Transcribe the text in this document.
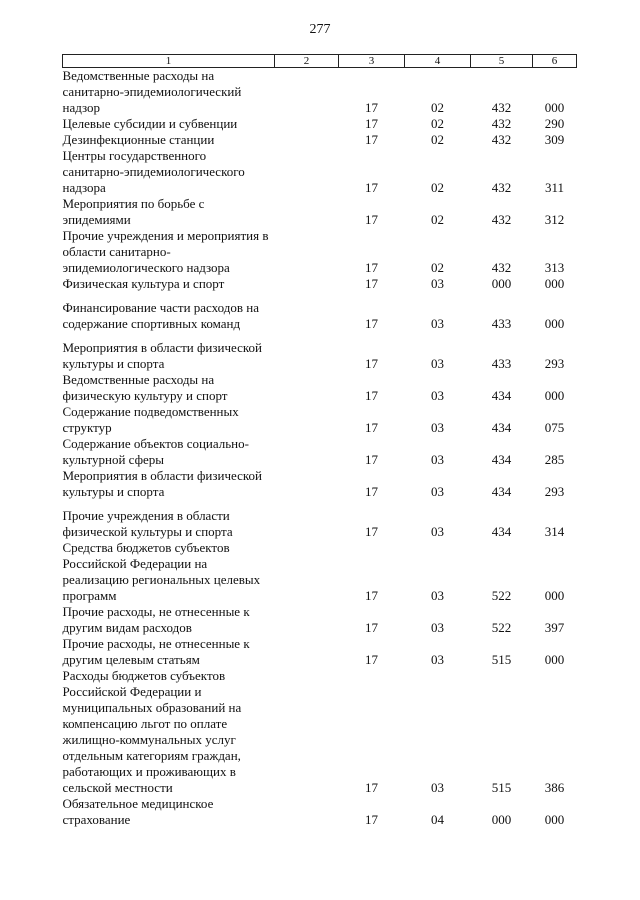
277
1	2	3	4	5	6
Ведомственные расходы на санитарно-эпидемиологический надзор		17	02	432	000
Целевые субсидии и субвенции		17	02	432	290
Дезинфекционные станции		17	02	432	309
Центры государственного санитарно-эпидемиологического надзора		17	02	432	311
Мероприятия по борьбе с эпидемиями		17	02	432	312
Прочие учреждения и мероприятия в области санитарно-эпидемиологического надзора		17	02	432	313
Физическая культура и спорт		17	03	000	000
Финансирование части расходов на содержание спортивных команд		17	03	433	000
Мероприятия в области физической культуры и спорта		17	03	433	293
Ведомственные расходы на физическую культуру и спорт		17	03	434	000
Содержание подведомственных структур		17	03	434	075
Содержание объектов социально-культурной сферы		17	03	434	285
Мероприятия в области физической культуры и спорта		17	03	434	293
Прочие учреждения в области физической культуры и спорта		17	03	434	314
Средства бюджетов субъектов Российской Федерации на реализацию региональных целевых программ		17	03	522	000
Прочие расходы, не отнесенные к другим видам расходов		17	03	522	397
Прочие расходы, не отнесенные к другим целевым статьям		17	03	515	000
Расходы бюджетов субъектов Российской Федерации и муниципальных образований на компенсацию льгот по оплате жилищно-коммунальных услуг отдельным категориям граждан, работающих и проживающих в сельской местности		17	03	515	386
Обязательное медицинское страхование		17	04	000	000
